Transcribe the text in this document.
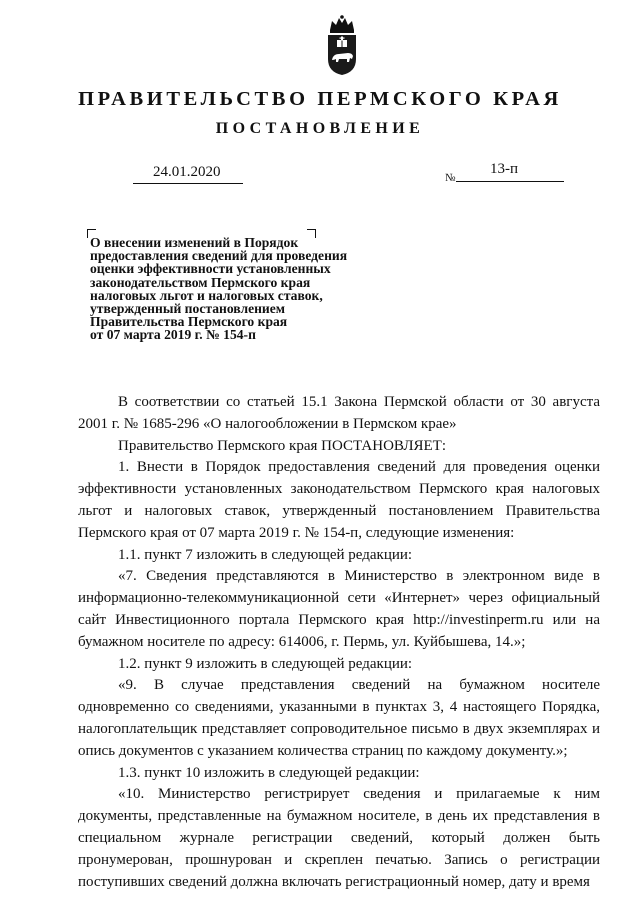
ПРАВИТЕЛЬСТВО ПЕРМСКОГО КРАЯ
ПОСТАНОВЛЕНИЕ
24.01.2020	№
13-п
О внесении изменений в Порядок
предоставления сведений для проведения
оценки эффективности установленных
законодательством Пермского края
налоговых льгот и налоговых ставок,
утвержденный постановлением
Правительства Пермского края
от 07 марта 2019 г. № 154-п

В соответствии со статьей 15.1 Закона Пермской области от 30 августа 2001 г. № 1685-296 «О налогообложении в Пермском крае»

Правительство Пермского края ПОСТАНОВЛЯЕТ:

1. Внести в Порядок предоставления сведений для проведения оценки эффективности установленных законодательством Пермского края налоговых льгот и налоговых ставок, утвержденный постановлением Правительства Пермского края от 07 марта 2019 г. № 154-п, следующие изменения:

1.1. пункт 7 изложить в следующей редакции:

«7. Сведения представляются в Министерство в электронном виде в информационно-телекоммуникационной сети «Интернет» через официальный сайт Инвестиционного портала Пермского края http://investinperm.ru или на бумажном носителе по адресу: 614006, г. Пермь, ул. Куйбышева, 14.»;

1.2. пункт 9 изложить в следующей редакции:

«9. В случае представления сведений на бумажном носителе одновременно со сведениями, указанными в пунктах 3, 4 настоящего Порядка, налогоплательщик представляет сопроводительное письмо в двух экземплярах и опись документов с указанием количества страниц по каждому документу.»;

1.3. пункт 10 изложить в следующей редакции:

«10. Министерство регистрирует сведения и прилагаемые к ним документы, представленные на бумажном носителе, в день их представления в специальном журнале регистрации сведений, который должен быть пронумерован, прошнурован и скреплен печатью. Запись о регистрации поступивших сведений должна включать регистрационный номер, дату и время
